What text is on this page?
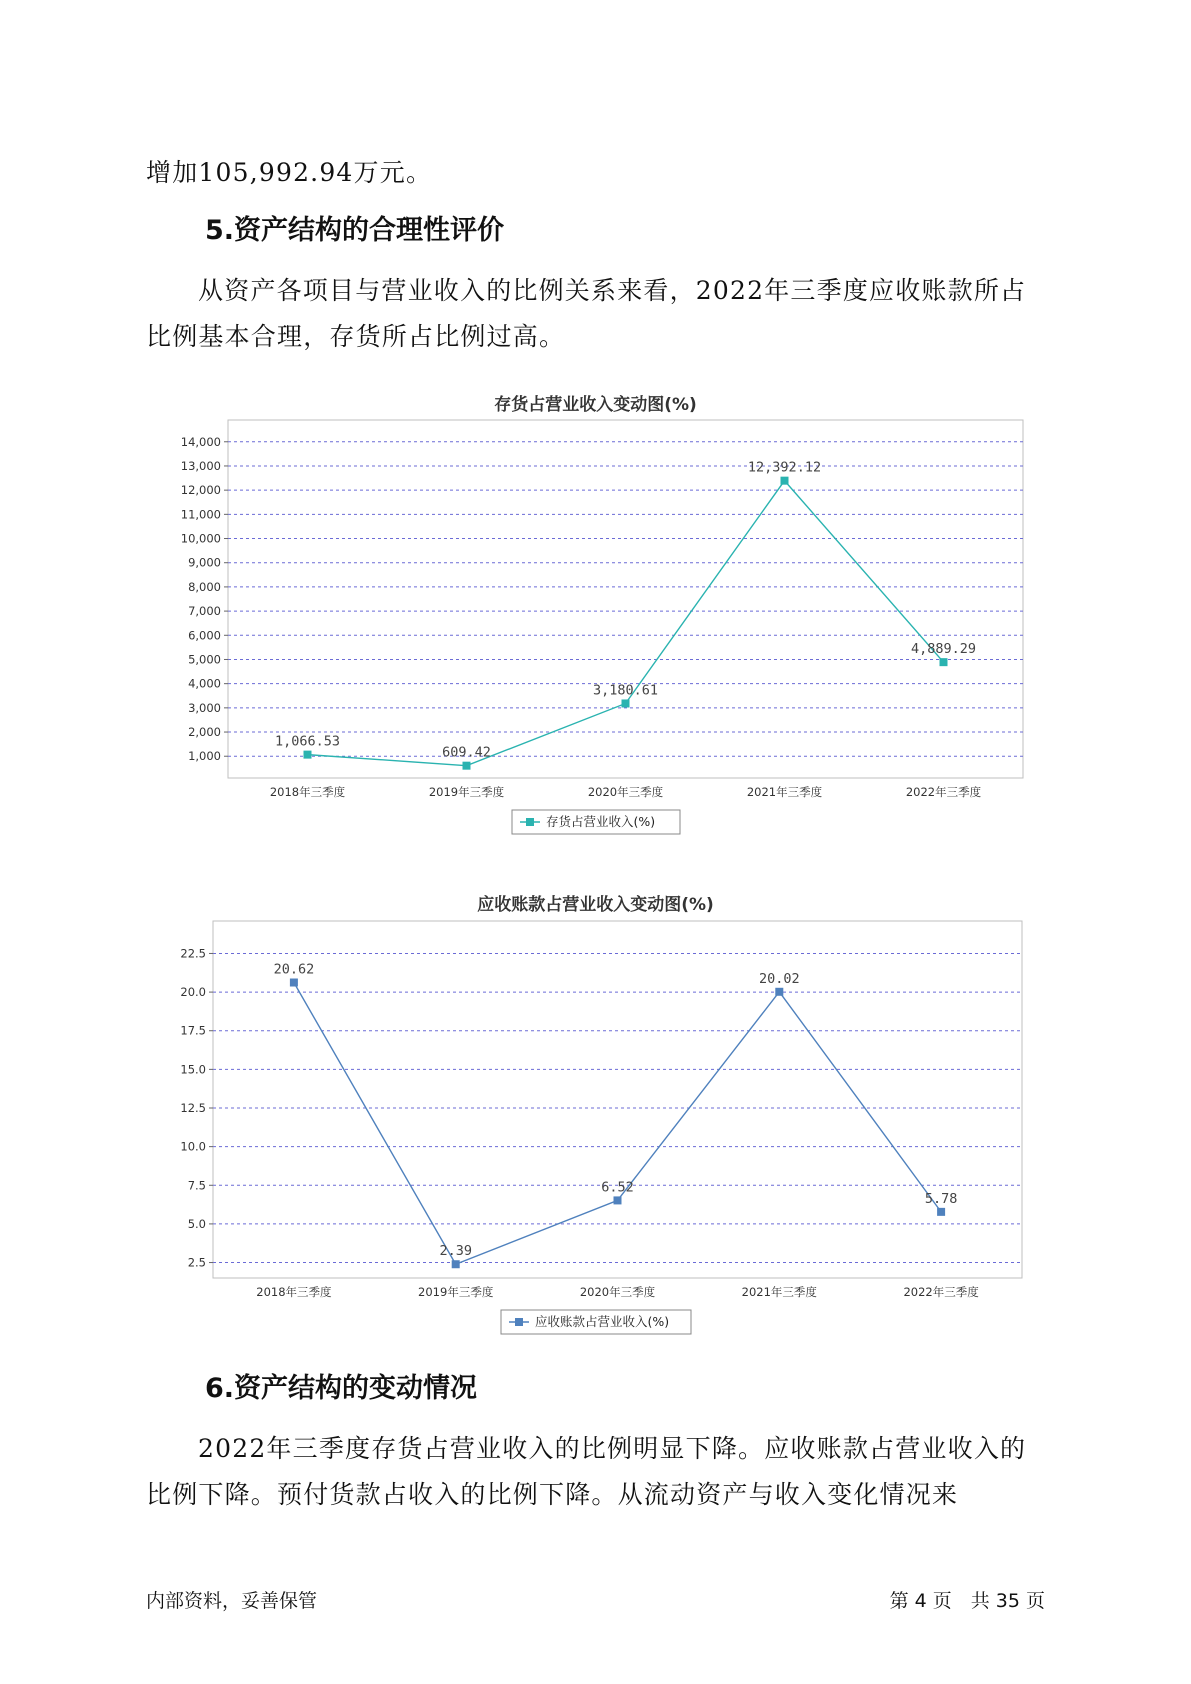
增加105,992.94万元。
5.资产结构的合理性评价
从资产各项目与营业收入的比例关系来看，2022年三季度应收账款所占比例基本合理，存货所占比例过高。
存货占营业收入变动图(%)
1,000
2,000
3,000
4,000
5,000
6,000
7,000
8,000
9,000
10,000
11,000
12,000
13,000
14,000
2018年三季度	2019年三季度	2020年三季度	2021年三季度	2022年三季度
1,066.53
609.42
3,180.61
12,392.12
4,889.29
存货占营业收入(%)
应收账款占营业收入变动图(%)
2.5
5.0
7.5
10.0
12.5
15.0
17.5
20.0
22.5
2018年三季度	2019年三季度	2020年三季度	2021年三季度	2022年三季度
20.62
2.39
6.52
20.02
5.78
应收账款占营业收入(%)
6.资产结构的变动情况
2022年三季度存货占营业收入的比例明显下降。应收账款占营业收入的比例下降。预付货款占收入的比例下降。从流动资产与收入变化情况来
内部资料，妥善保管	第 4 页　共 35 页
